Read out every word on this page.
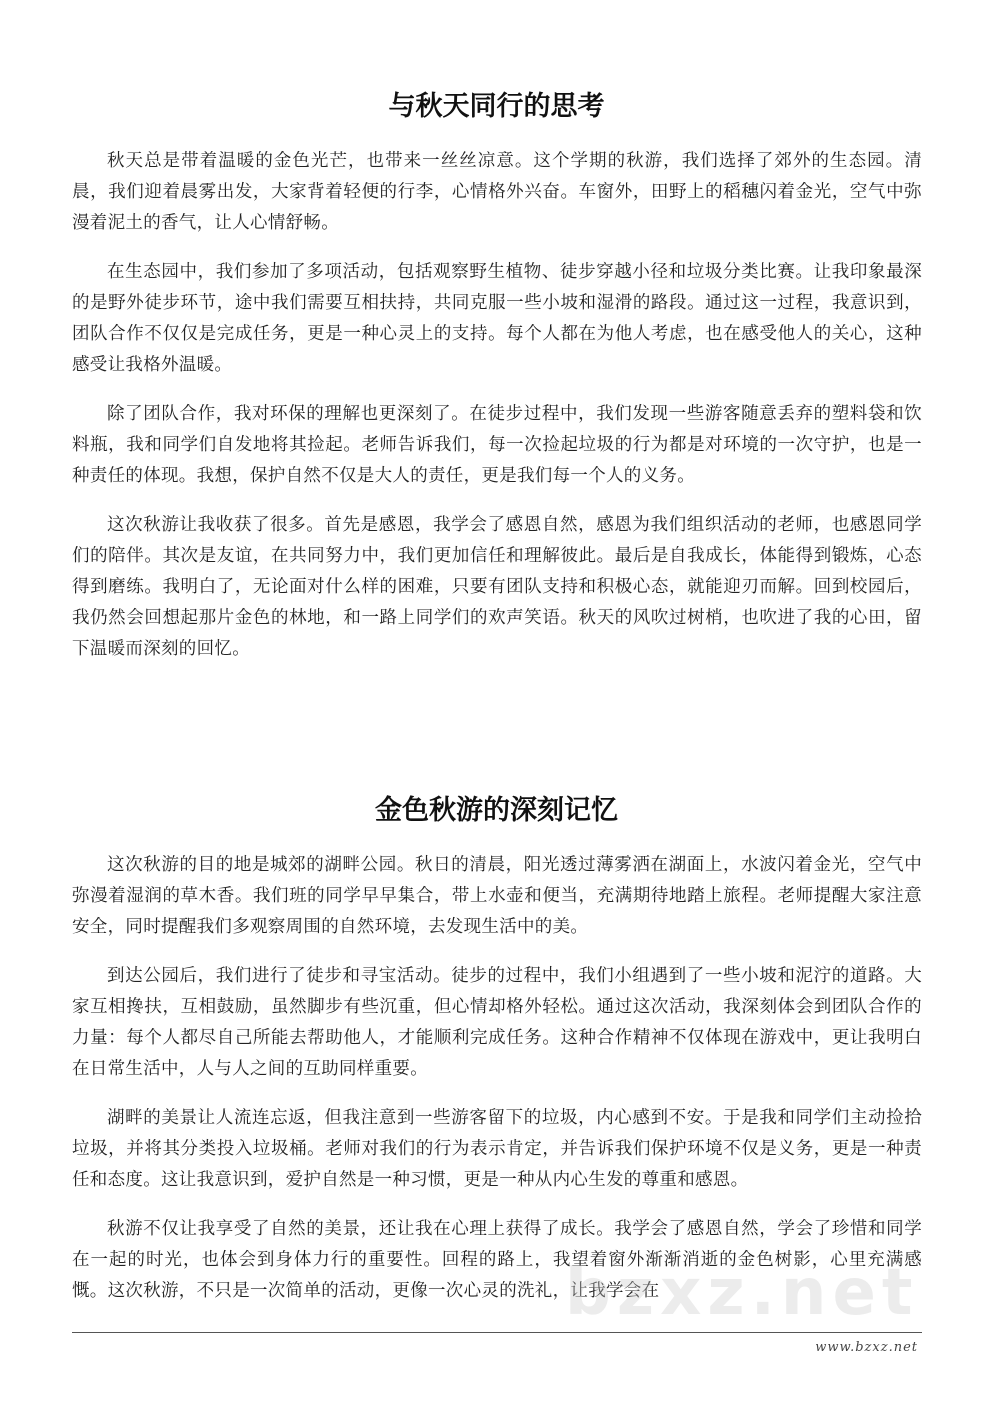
与秋天同行的思考

秋天总是带着温暖的金色光芒，也带来一丝丝凉意。这个学期的秋游，我们选择了郊外的生态园。清晨，我们迎着晨雾出发，大家背着轻便的行李，心情格外兴奋。车窗外，田野上的稻穗闪着金光，空气中弥漫着泥土的香气，让人心情舒畅。

在生态园中，我们参加了多项活动，包括观察野生植物、徒步穿越小径和垃圾分类比赛。让我印象最深的是野外徒步环节，途中我们需要互相扶持，共同克服一些小坡和湿滑的路段。通过这一过程，我意识到，团队合作不仅仅是完成任务，更是一种心灵上的支持。每个人都在为他人考虑，也在感受他人的关心，这种感受让我格外温暖。

除了团队合作，我对环保的理解也更深刻了。在徒步过程中，我们发现一些游客随意丢弃的塑料袋和饮料瓶，我和同学们自发地将其捡起。老师告诉我们，每一次捡起垃圾的行为都是对环境的一次守护，也是一种责任的体现。我想，保护自然不仅是大人的责任，更是我们每一个人的义务。

这次秋游让我收获了很多。首先是感恩，我学会了感恩自然，感恩为我们组织活动的老师，也感恩同学们的陪伴。其次是友谊，在共同努力中，我们更加信任和理解彼此。最后是自我成长，体能得到锻炼，心态得到磨练。我明白了，无论面对什么样的困难，只要有团队支持和积极心态，就能迎刃而解。回到校园后，我仍然会回想起那片金色的林地，和一路上同学们的欢声笑语。秋天的风吹过树梢，也吹进了我的心田，留下温暖而深刻的回忆。

金色秋游的深刻记忆

这次秋游的目的地是城郊的湖畔公园。秋日的清晨，阳光透过薄雾洒在湖面上，水波闪着金光，空气中弥漫着湿润的草木香。我们班的同学早早集合，带上水壶和便当，充满期待地踏上旅程。老师提醒大家注意安全，同时提醒我们多观察周围的自然环境，去发现生活中的美。

到达公园后，我们进行了徒步和寻宝活动。徒步的过程中，我们小组遇到了一些小坡和泥泞的道路。大家互相搀扶，互相鼓励，虽然脚步有些沉重，但心情却格外轻松。通过这次活动，我深刻体会到团队合作的力量：每个人都尽自己所能去帮助他人，才能顺利完成任务。这种合作精神不仅体现在游戏中，更让我明白在日常生活中，人与人之间的互助同样重要。

湖畔的美景让人流连忘返，但我注意到一些游客留下的垃圾，内心感到不安。于是我和同学们主动捡拾垃圾，并将其分类投入垃圾桶。老师对我们的行为表示肯定，并告诉我们保护环境不仅是义务，更是一种责任和态度。这让我意识到，爱护自然是一种习惯，更是一种从内心生发的尊重和感恩。

秋游不仅让我享受了自然的美景，还让我在心理上获得了成长。我学会了感恩自然，学会了珍惜和同学在一起的时光，也体会到身体力行的重要性。回程的路上，我望着窗外渐渐消逝的金色树影，心里充满感慨。这次秋游，不只是一次简单的活动，更像一次心灵的洗礼，让我学会在

bzxz.net
www.bzxz.net
